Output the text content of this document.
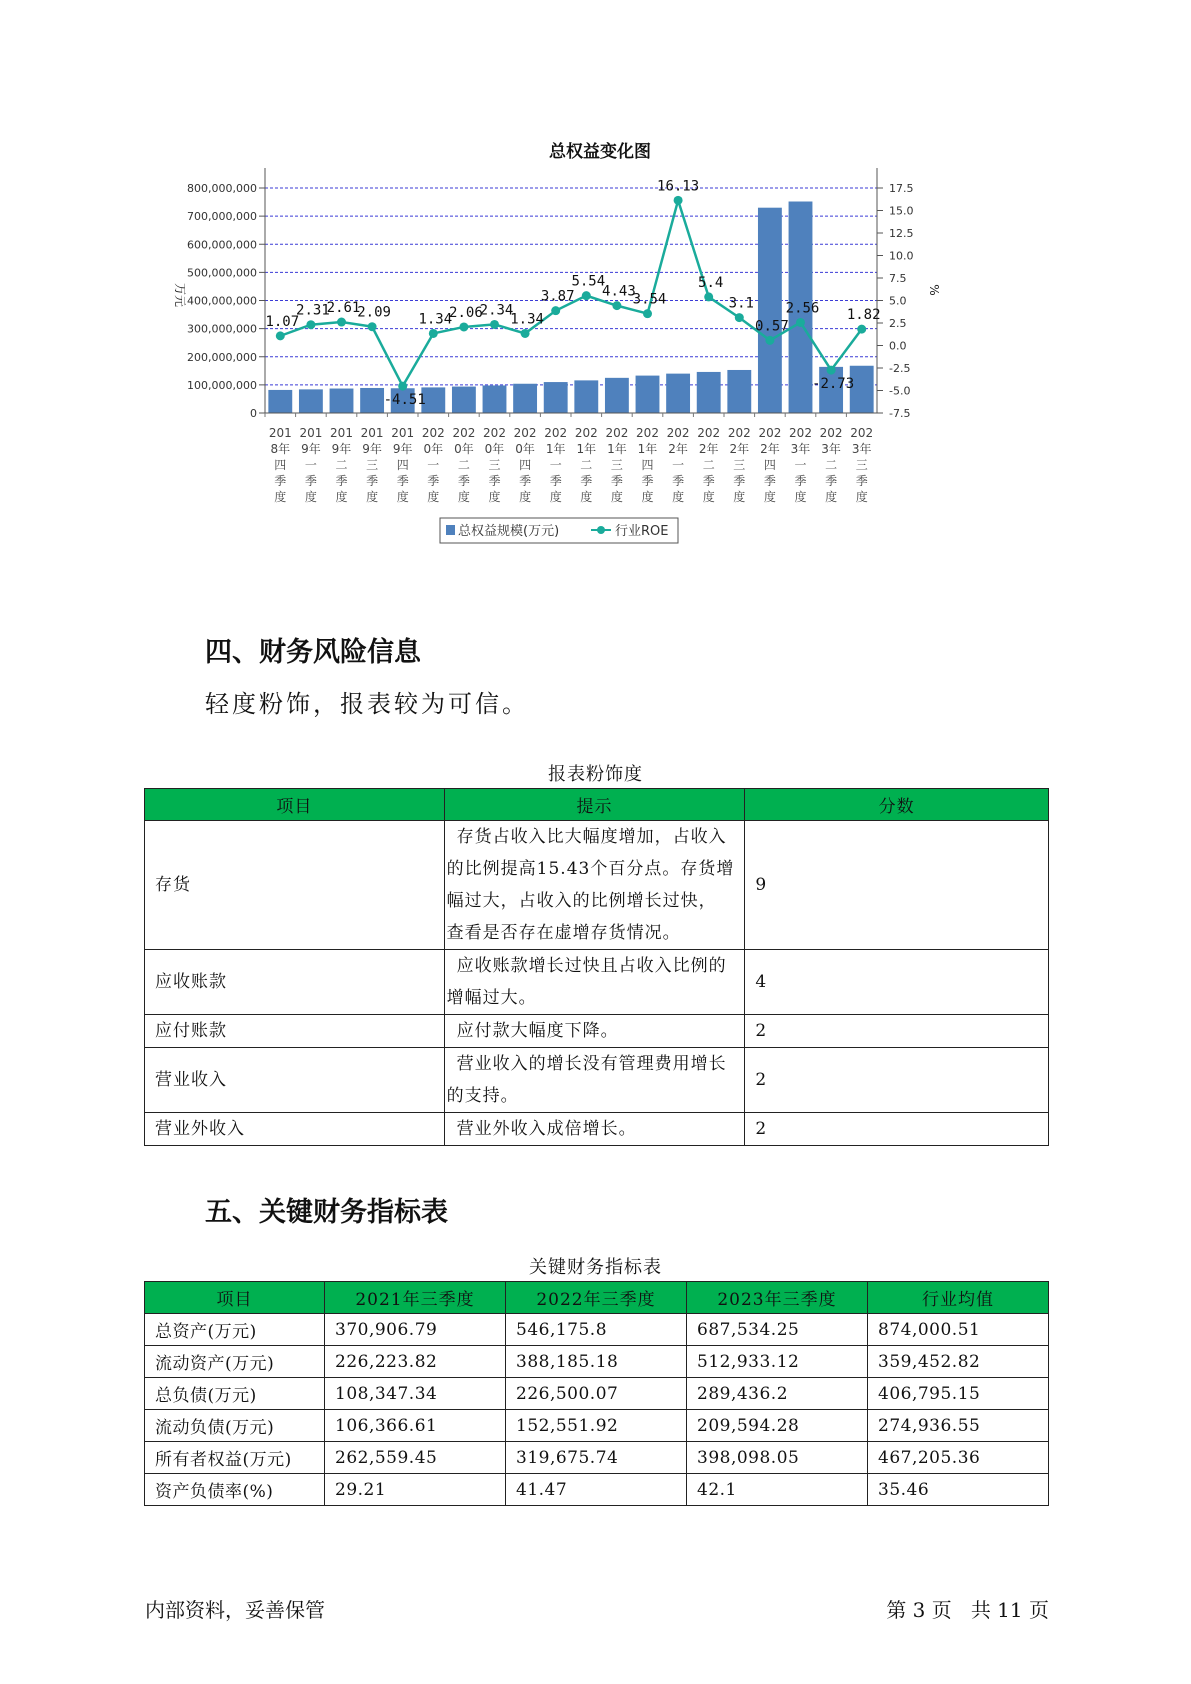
总权益变化图
0
100,000,000
200,000,000
300,000,000
400,000,000
500,000,000
600,000,000
700,000,000
800,000,000
-7.5
-5.0
-2.5
0.0
2.5
5.0
7.5
10.0
12.5
15.0
17.5
1.07
2.31
2.61
2.09
-4.51
1.34
2.06
2.34
1.34
3.87
5.54
4.43
3.54
16.13
5.4
3.1
0.57
2.56
-2.73
1.82
201 8年四季度
201 9年一季度
201 9年二季度
201 9年三季度
201 9年四季度
202 0年一季度
202 0年二季度
202 0年三季度
202 0年四季度
202 1年一季度
202 1年二季度
202 1年三季度
202 1年四季度
202 2年一季度
202 2年二季度
202 2年三季度
202 2年四季度
202 3年一季度
202 3年二季度
202 3年三季度
万元	%
总权益规模(万元)	行业ROE
四、财务风险信息

轻度粉饰，报表较为可信。

报表粉饰度
项目	提示	分数
存货	存货占收入比大幅度增加，占收入的比例提高15.43个百分点。存货增幅过大，占收入的比例增长过快，查看是否存在虚增存货情况。	9
应收账款	应收账款增长过快且占收入比例的增幅过大。	4
应付账款	应付款大幅度下降。	2
营业收入	营业收入的增长没有管理费用增长的支持。	2
营业外收入	营业外收入成倍增长。	2
五、关键财务指标表
关键财务指标表
项目	2021年三季度	2022年三季度	2023年三季度	行业均值
总资产(万元)	370,906.79	546,175.8	687,534.25	874,000.51
流动资产(万元)	226,223.82	388,185.18	512,933.12	359,452.82
总负债(万元)	108,347.34	226,500.07	289,436.2	406,795.15
流动负债(万元)	106,366.61	152,551.92	209,594.28	274,936.55
所有者权益(万元)	262,559.45	319,675.74	398,098.05	467,205.36
资产负债率(%)	29.21	41.47	42.1	35.46
内部资料，妥善保管	第 3 页   共 11 页
